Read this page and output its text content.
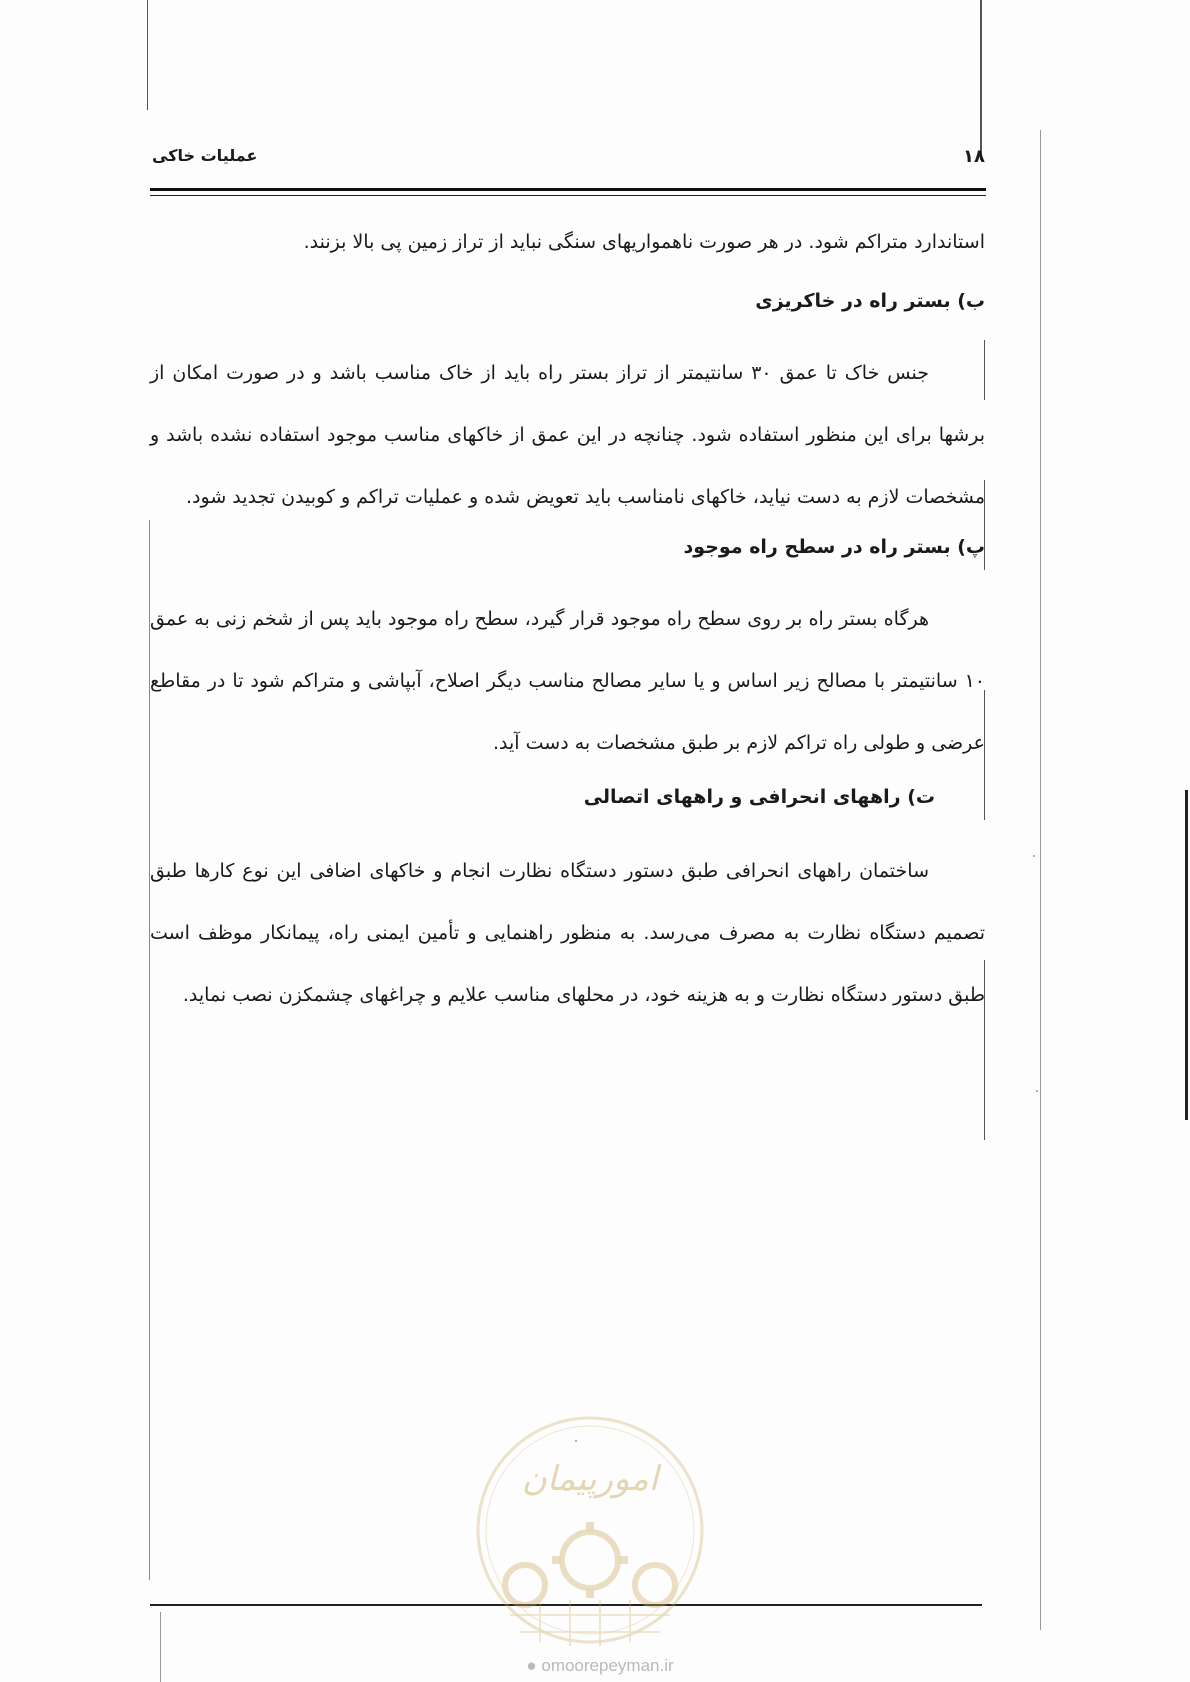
۱۸
عملیات خاکی

استاندارد متراکم شود. در هر صورت ناهمواریهای سنگی نباید از تراز زمین پی بالا بزنند.

ب) بستر راه در خاکریزی

جنس خاک تا عمق ۳۰ سانتیمتر از تراز بستر راه باید از خاک مناسب باشد و در صورت امکان از برشها برای این منظور استفاده شود. چنانچه در این عمق از خاکهای مناسب موجود استفاده نشده باشد و مشخصات لازم به دست نیاید، خاکهای نامناسب باید تعویض شده و عملیات تراکم و کوبیدن تجدید شود.

پ) بستر راه در سطح راه موجود

هرگاه بستر راه بر روی سطح راه موجود قرار گیرد، سطح راه موجود باید پس از شخم زنی به عمق ۱۰ سانتیمتر با مصالح زیر اساس و یا سایر مصالح مناسب دیگر اصلاح، آبپاشی و متراکم شود تا در مقاطع عرضی و طولی راه تراکم لازم بر طبق مشخصات به دست آید.

ت) راههای انحرافی و راههای اتصالی

ساختمان راههای انحرافی طبق دستور دستگاه نظارت انجام و خاکهای اضافی این نوع کارها طبق تصمیم دستگاه نظارت به مصرف می‌رسد. به منظور راهنمایی و تأمین ایمنی راه، پیمانکار موظف است طبق دستور دستگاه نظارت و به هزینه خود، در محلهای مناسب علایم و چراغهای چشمکزن نصب نماید.

امورپیمان
● omoorepeyman.ir
